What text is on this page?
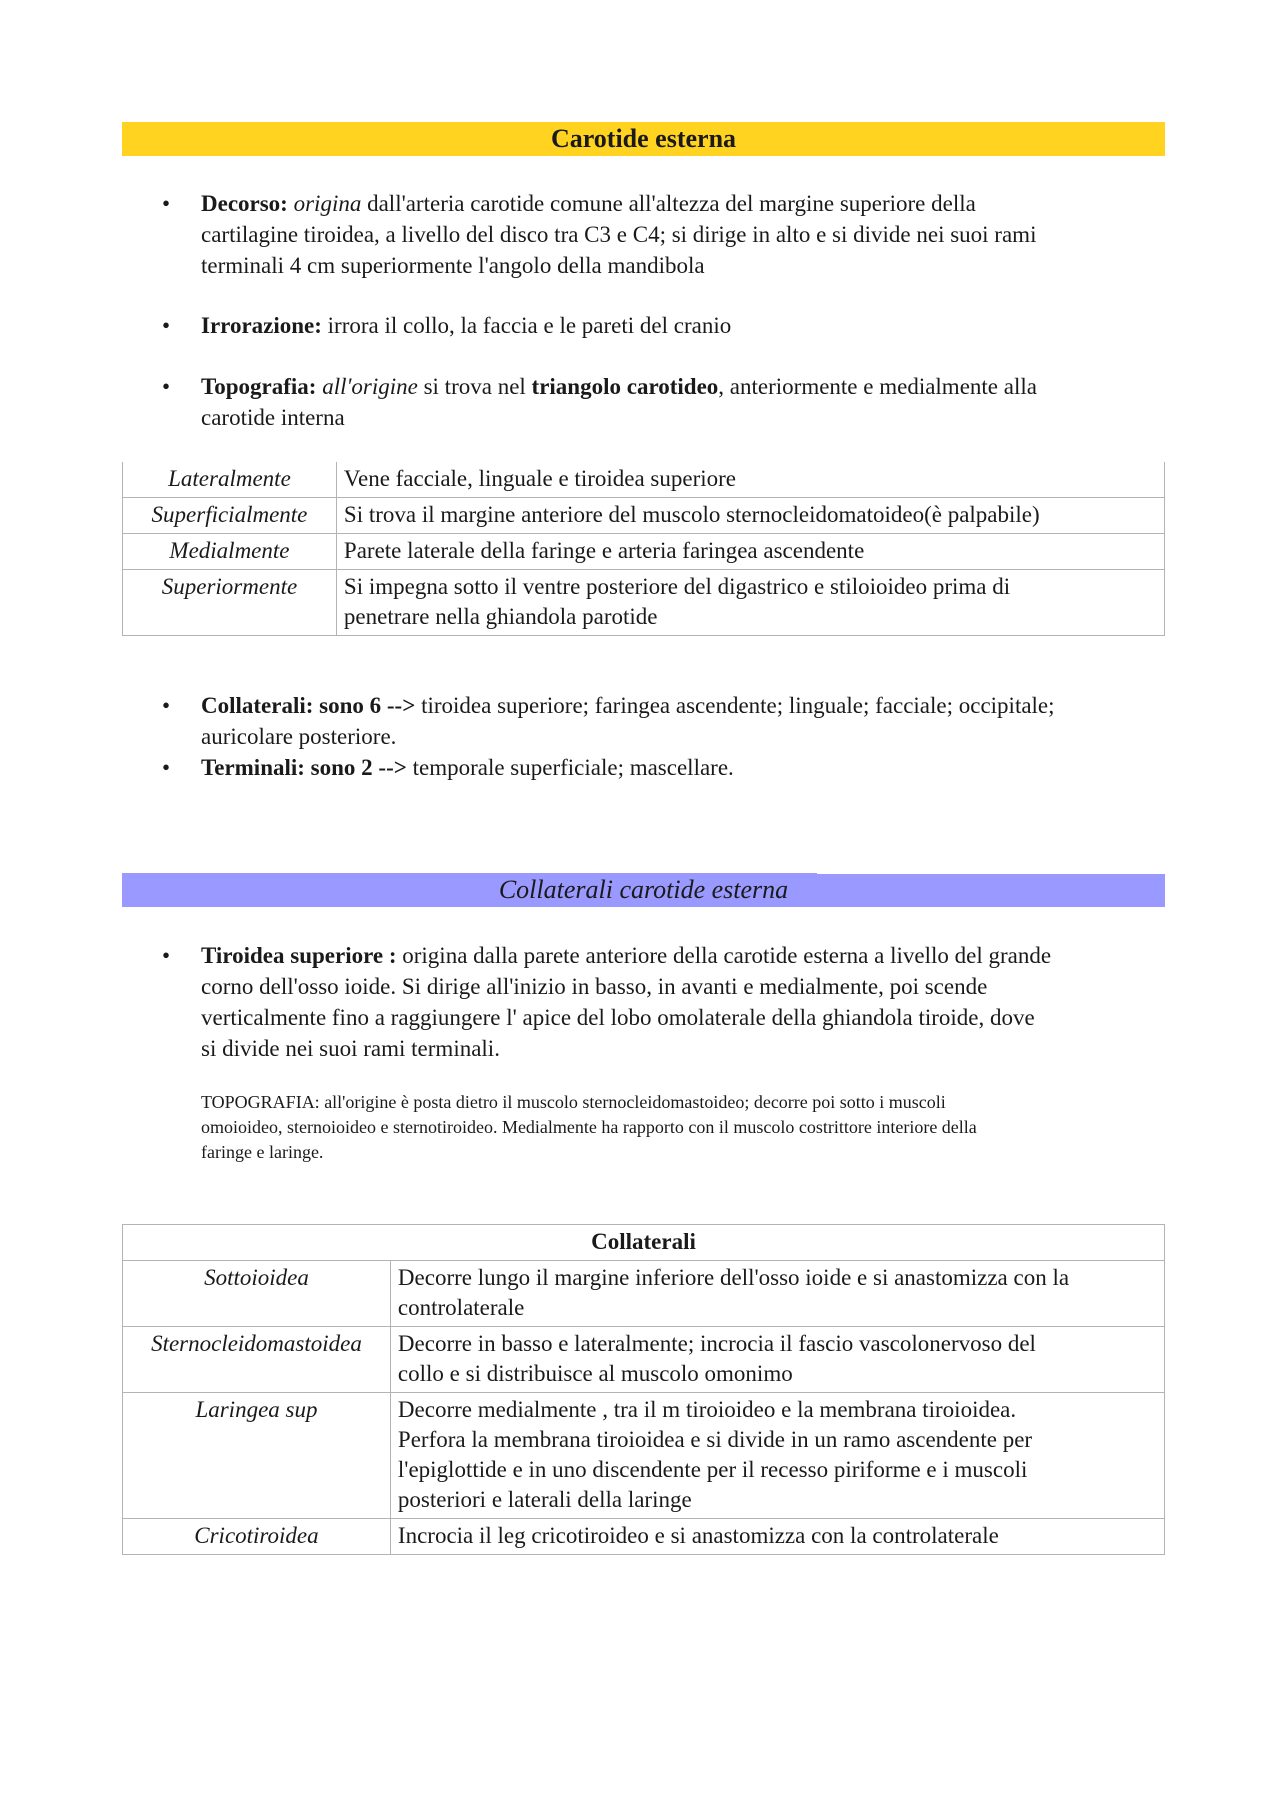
Carotide esterna
• Decorso: origina dall'arteria carotide comune all'altezza del margine superiore della
cartilagine tiroidea, a livello del disco tra C3 e C4; si dirige in alto e si divide nei suoi rami
terminali 4 cm superiormente l'angolo della mandibola
• Irrorazione: irrora il collo, la faccia e le pareti del cranio
• Topografia: all'origine si trova nel triangolo carotideo, anteriormente e medialmente alla
carotide interna
Lateralmente	Vene facciale, linguale e tiroidea superiore
Superficialmente	Si trova il margine anteriore del muscolo sternocleidomatoideo(è palpabile)
Medialmente	Parete laterale della faringe e arteria faringea ascendente
Superiormente	Si impegna sotto il ventre posteriore del digastrico e stiloioideo prima di
penetrare nella ghiandola parotide
• Collaterali: sono 6 --> tiroidea superiore; faringea ascendente; linguale; facciale; occipitale;
auricolare posteriore.
• Terminali: sono 2 --> temporale superficiale; mascellare.
Collaterali carotide esterna
• Tiroidea superiore : origina dalla parete anteriore della carotide esterna a livello del grande
corno dell'osso ioide. Si dirige all'inizio in basso, in avanti e medialmente, poi scende
verticalmente fino a raggiungere l' apice del lobo omolaterale della ghiandola tiroide, dove
si divide nei suoi rami terminali.
TOPOGRAFIA: all'origine è posta dietro il muscolo sternocleidomastoideo; decorre poi sotto i muscoli
omoioideo, sternoioideo e sternotiroideo. Medialmente ha rapporto con il muscolo costrittore interiore della
faringe e laringe.
Collaterali	
Sottoioidea	Decorre lungo il margine inferiore dell'osso ioide e si anastomizza con la
controlaterale
Sternocleidomastoidea	Decorre in basso e lateralmente; incrocia il fascio vascolonervoso del
collo e si distribuisce al muscolo omonimo
Laringea sup	Decorre medialmente , tra il m tiroioideo e la membrana tiroioidea.
Perfora la membrana tiroioidea e si divide in un ramo ascendente per
l'epiglottide e in uno discendente per il recesso piriforme e i muscoli
posteriori e laterali della laringe
Cricotiroidea	Incrocia il leg cricotiroideo e si anastomizza con la controlaterale
